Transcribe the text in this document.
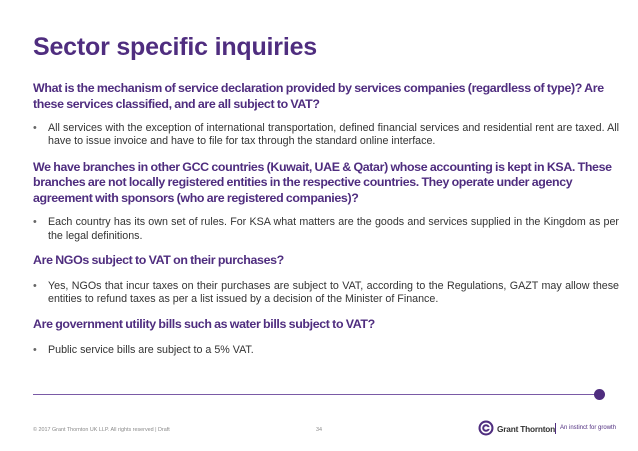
Sector specific inquiries

What is the mechanism of service declaration provided by services companies (regardless of type)? Are these services classified, and are all subject to VAT?

• All services with the exception of international transportation, defined financial services and residential rent are taxed. All have to issue invoice and have to file for tax through the standard online interface.

We have branches in other GCC countries (Kuwait, UAE & Qatar) whose accounting is kept in KSA. These branches are not locally registered entities in the respective countries. They operate under agency agreement with sponsors (who are registered companies)?

• Each country has its own set of rules. For KSA what matters are the goods and services supplied in the Kingdom as per the legal definitions.

Are NGOs subject to VAT on their purchases?

• Yes, NGOs that incur taxes on their purchases are subject to VAT, according to the Regulations, GAZT may allow these entities to refund taxes as per a list issued by a decision of the Minister of Finance.

Are government utility bills such as water bills subject to VAT?

• Public service bills are subject to a 5% VAT.

© 2017 Grant Thornton UK LLP. All rights reserved | Draft	34	Grant Thornton An instinct for growth
